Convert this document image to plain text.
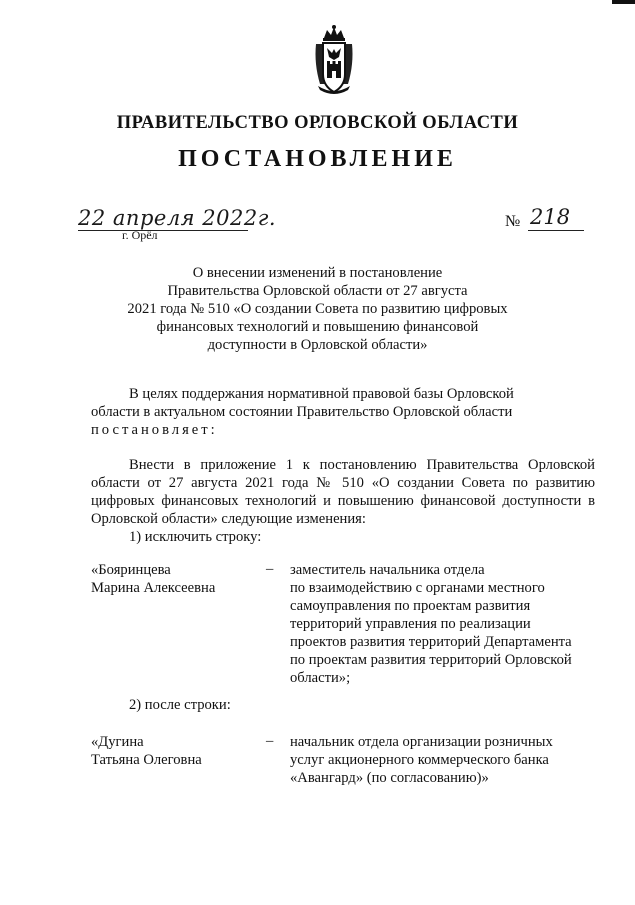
ПРАВИТЕЛЬСТВО ОРЛОВСКОЙ ОБЛАСТИ
ПОСТАНОВЛЕНИЕ
22 апреля 2022г.
г. Орёл
№ 218
О внесении изменений в постановление
Правительства Орловской области от 27 августа
2021 года № 510 «О создании Совета по развитию цифровых
финансовых технологий и повышению финансовой
доступности в Орловской области»
В целях поддержания нормативной правовой базы Орловской
области в актуальном состоянии Правительство Орловской области
постановляет:
Внести в приложение 1 к постановлению Правительства Орловской области от 27 августа 2021 года № 510 «О создании Совета по развитию цифровых финансовых технологий и повышению финансовой доступности в Орловской области» следующие изменения:
1) исключить строку:
«Бояринцева
Марина Алексеевна
– заместитель начальника отдела
по взаимодействию с органами местного
самоуправления по проектам развития
территорий управления по реализации
проектов развития территорий Департамента
по проектам развития территорий Орловской
области»;
2) после строки:
«Дугина
Татьяна Олеговна
– начальник отдела организации розничных
услуг акционерного коммерческого банка
«Авангард» (по согласованию)»
